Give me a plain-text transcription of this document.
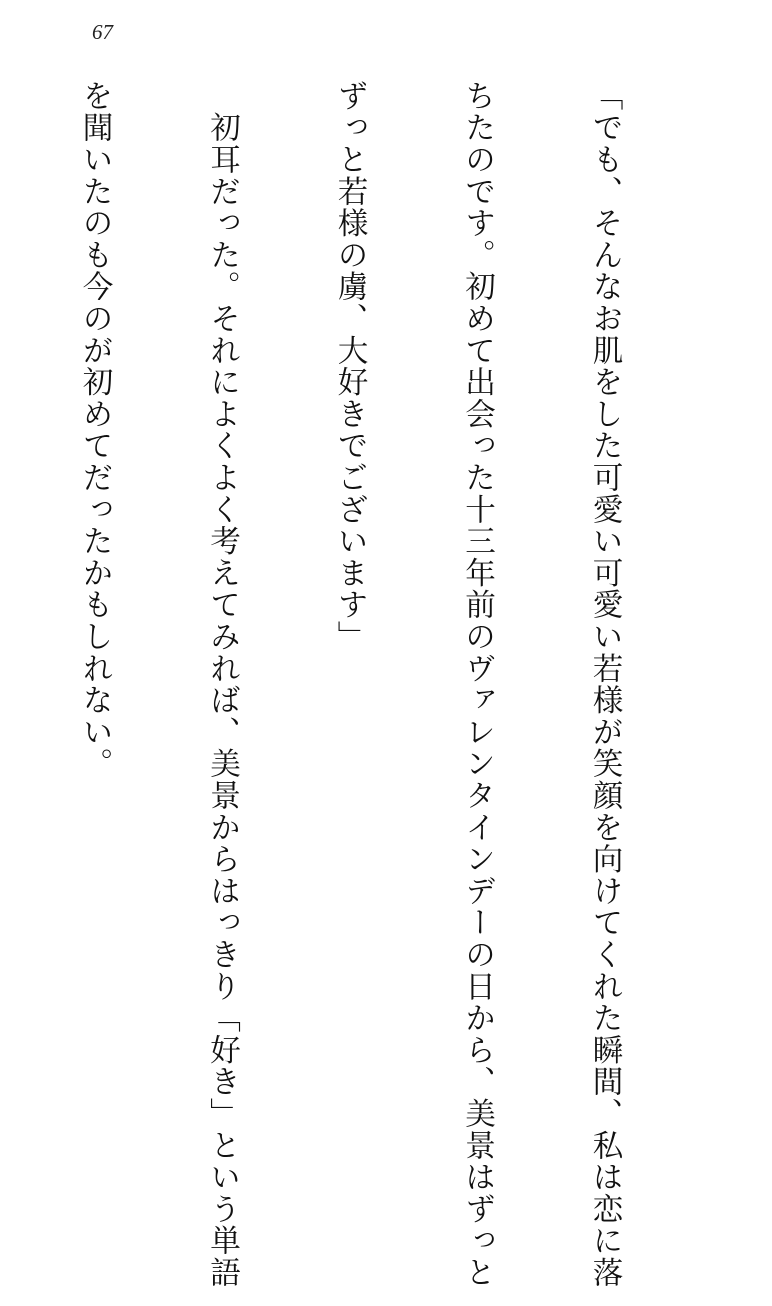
67

「でも、そんなお肌をした可愛い可愛い若様が笑顔を向けてくれた瞬間、私は恋に落

ちたのです。初めて出会った十三年前のヴァレンタインデーの日から、美景はずっと

ずっと若様の虜、大好きでございます」

　初耳だった。それによくよく考えてみれば、美景からはっきり「好き」という単語

を聞いたのも今のが初めてだったかもしれない。
